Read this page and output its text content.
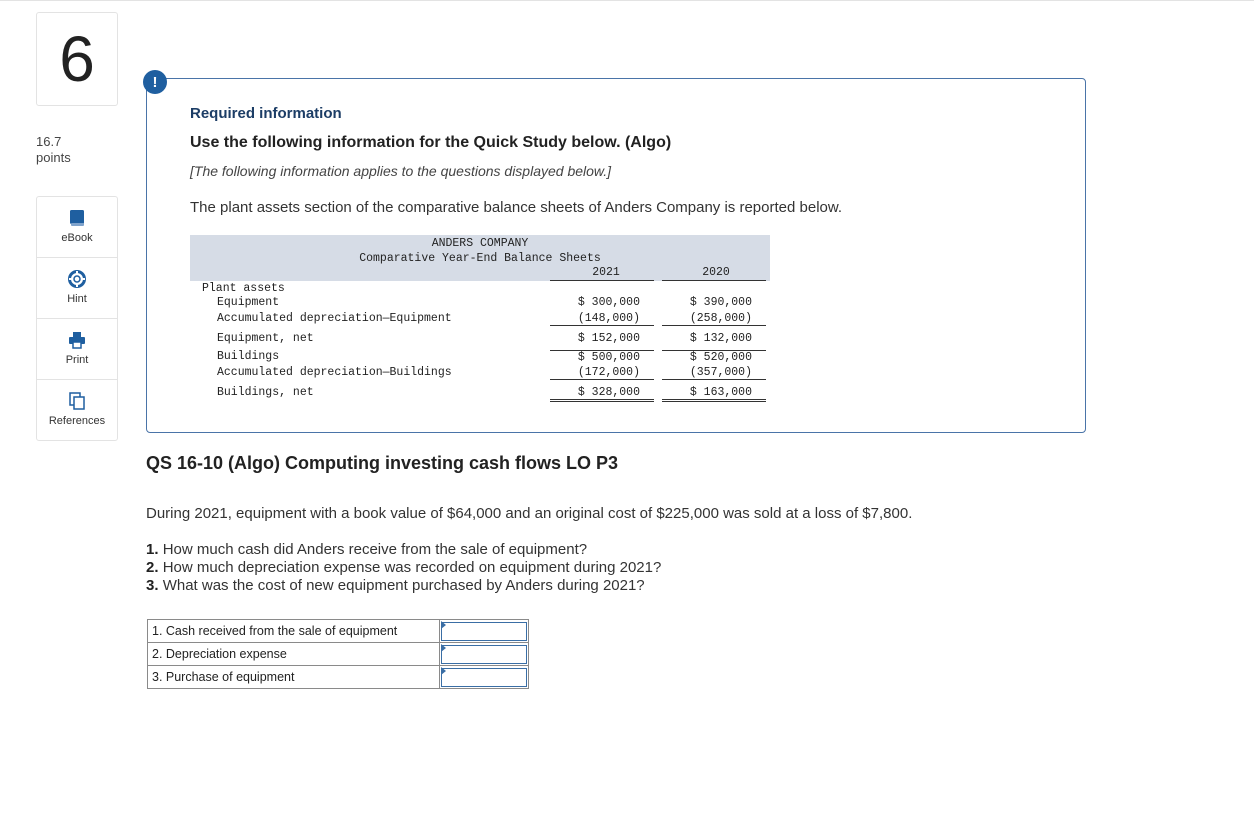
6
16.7
points
eBook
Hint
Print
References
Required information
Use the following information for the Quick Study below. (Algo)
[The following information applies to the questions displayed below.]
The plant assets section of the comparative balance sheets of Anders Company is reported below.
ANDERS COMPANY
Comparative Year-End Balance Sheets
2021	2020
Plant assets
Equipment	$ 300,000	$ 390,000
Accumulated depreciation—Equipment	(148,000)	(258,000)
Equipment, net	$ 152,000	$ 132,000
Buildings	$ 500,000	$ 520,000
Accumulated depreciation—Buildings	(172,000)	(357,000)
Buildings, net	$ 328,000	$ 163,000
!
QS 16-10 (Algo) Computing investing cash flows LO P3
During 2021, equipment with a book value of $64,000 and an original cost of $225,000 was sold at a loss of $7,800.
1. How much cash did Anders receive from the sale of equipment?
2. How much depreciation expense was recorded on equipment during 2021?
3. What was the cost of new equipment purchased by Anders during 2021?
1. Cash received from the sale of equipment	

2. Depreciation expense	

3. Purchase of equipment	
